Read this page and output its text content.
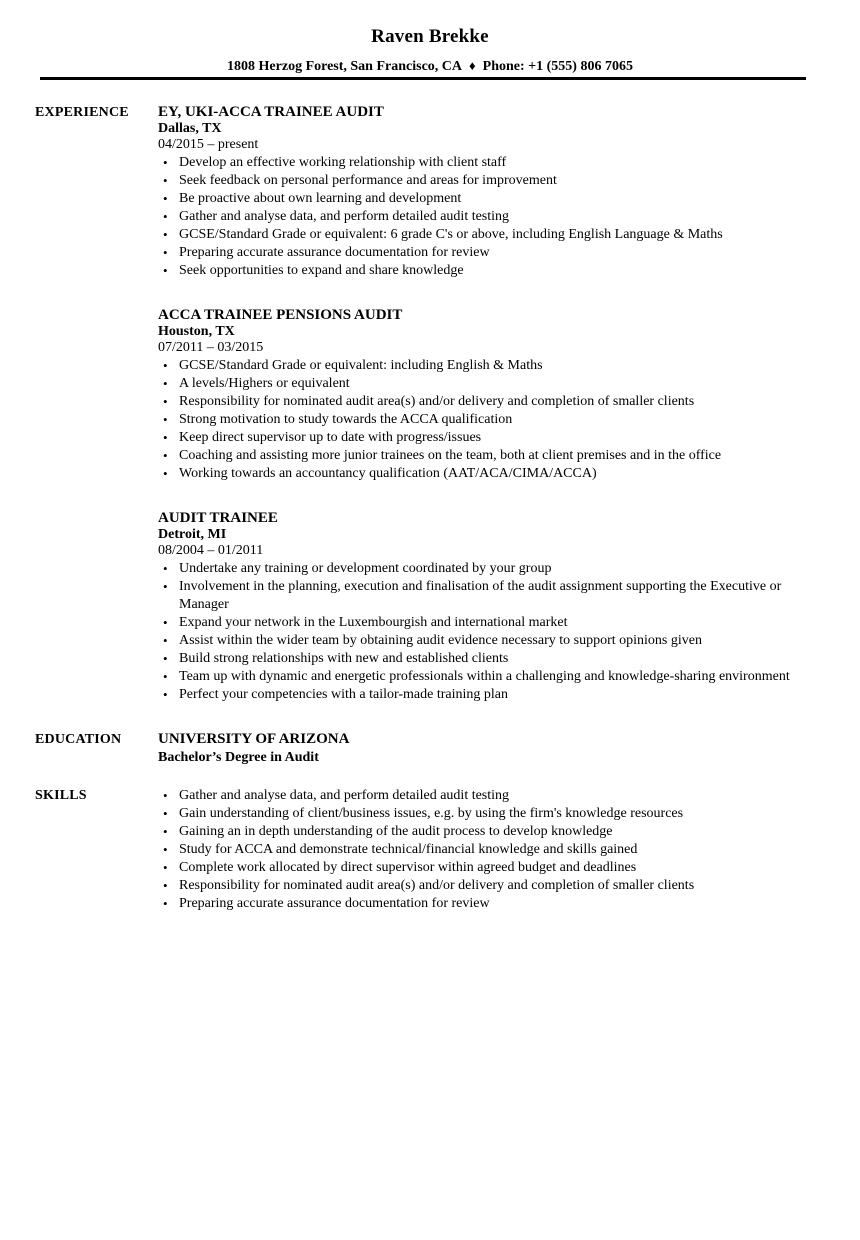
Raven Brekke
1808 Herzog Forest, San Francisco, CA ♦ Phone: +1 (555) 806 7065
EXPERIENCE	EY, UKI-ACCA TRAINEE AUDIT
Dallas, TX
04/2015 – present
• Develop an effective working relationship with client staff
• Seek feedback on personal performance and areas for improvement
• Be proactive about own learning and development
• Gather and analyse data, and perform detailed audit testing
• GCSE/Standard Grade or equivalent: 6 grade C's or above, including English Language & Maths
• Preparing accurate assurance documentation for review
• Seek opportunities to expand and share knowledge
ACCA TRAINEE PENSIONS AUDIT
Houston, TX
07/2011 – 03/2015
• GCSE/Standard Grade or equivalent: including English & Maths
• A levels/Highers or equivalent
• Responsibility for nominated audit area(s) and/or delivery and completion of smaller clients
• Strong motivation to study towards the ACCA qualification
• Keep direct supervisor up to date with progress/issues
• Coaching and assisting more junior trainees on the team, both at client premises and in the office
• Working towards an accountancy qualification (AAT/ACA/CIMA/ACCA)
AUDIT TRAINEE
Detroit, MI
08/2004 – 01/2011
• Undertake any training or development coordinated by your group
• Involvement in the planning, execution and finalisation of the audit assignment supporting the Executive or Manager
• Expand your network in the Luxembourgish and international market
• Assist within the wider team by obtaining audit evidence necessary to support opinions given
• Build strong relationships with new and established clients
• Team up with dynamic and energetic professionals within a challenging and knowledge-sharing environment
• Perfect your competencies with a tailor-made training plan
EDUCATION	UNIVERSITY OF ARIZONA
Bachelor’s Degree in Audit
SKILLS	• Gather and analyse data, and perform detailed audit testing
• Gain understanding of client/business issues, e.g. by using the firm's knowledge resources
• Gaining an in depth understanding of the audit process to develop knowledge
• Study for ACCA and demonstrate technical/financial knowledge and skills gained
• Complete work allocated by direct supervisor within agreed budget and deadlines
• Responsibility for nominated audit area(s) and/or delivery and completion of smaller clients
• Preparing accurate assurance documentation for review
